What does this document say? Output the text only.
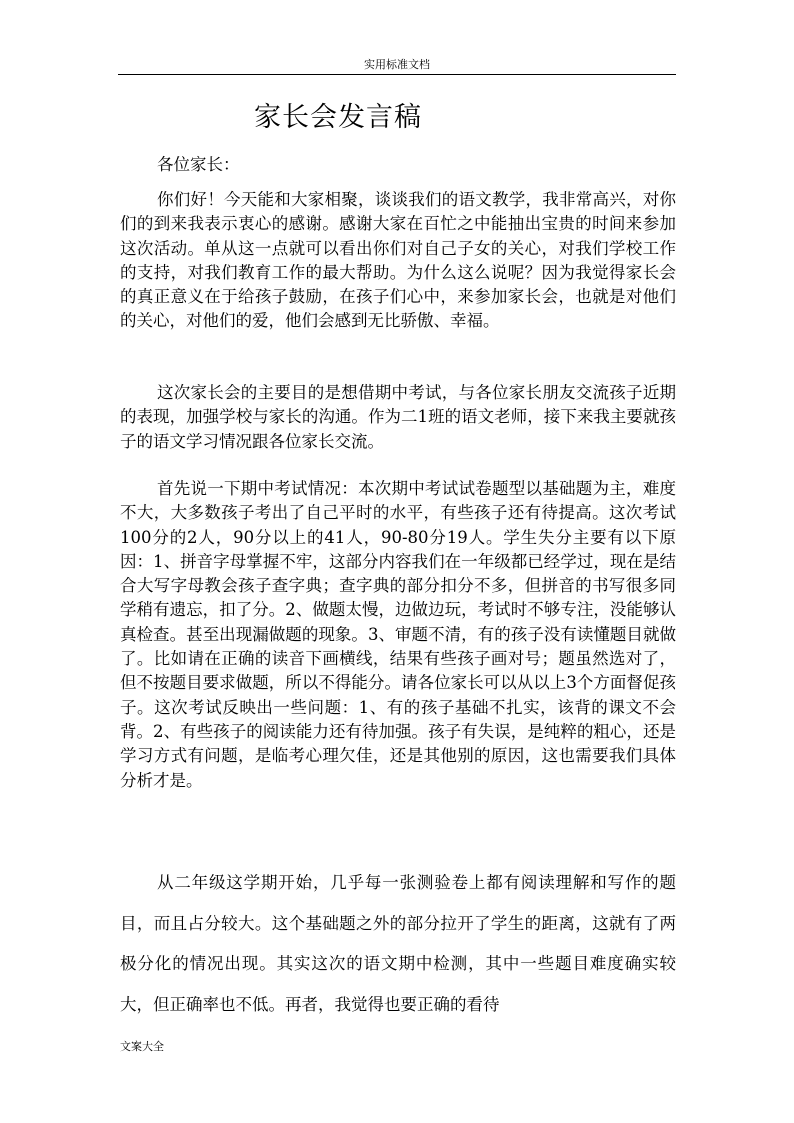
实用标准文档
家长会发言稿

各位家长：

你们好！今天能和大家相聚，谈谈我们的语文教学，我非常高兴，对你们的到来我表示衷心的感谢。感谢大家在百忙之中能抽出宝贵的时间来参加这次活动。单从这一点就可以看出你们对自己子女的关心，对我们学校工作的支持，对我们教育工作的最大帮助。为什么这么说呢？因为我觉得家长会的真正意义在于给孩子鼓励，在孩子们心中，来参加家长会，也就是对他们的关心，对他们的爱，他们会感到无比骄傲、幸福。

这次家长会的主要目的是想借期中考试，与各位家长朋友交流孩子近期的表现，加强学校与家长的沟通。作为二1班的语文老师，接下来我主要就孩子的语文学习情况跟各位家长交流。

首先说一下期中考试情况：本次期中考试试卷题型以基础题为主，难度不大，大多数孩子考出了自己平时的水平，有些孩子还有待提高。这次考试100分的2人，90分以上的41人，90-80分19人。学生失分主要有以下原因：1、拼音字母掌握不牢，这部分内容我们在一年级都已经学过，现在是结合大写字母教会孩子查字典；查字典的部分扣分不多，但拼音的书写很多同学稍有遗忘，扣了分。2、做题太慢，边做边玩，考试时不够专注，没能够认真检查。甚至出现漏做题的现象。3、审题不清，有的孩子没有读懂题目就做了。比如请在正确的读音下画横线，结果有些孩子画对号；题虽然选对了，但不按题目要求做题，所以不得能分。请各位家长可以从以上3个方面督促孩子。这次考试反映出一些问题：1、有的孩子基础不扎实，该背的课文不会背。2、有些孩子的阅读能力还有待加强。孩子有失误，是纯粹的粗心，还是学习方式有问题，是临考心理欠佳，还是其他别的原因，这也需要我们具体分析才是。

从二年级这学期开始，几乎每一张测验卷上都有阅读理解和写作的题目，而且占分较大。这个基础题之外的部分拉开了学生的距离，这就有了两极分化的情况出现。其实这次的语文期中检测，其中一些题目难度确实较大，但正确率也不低。再者，我觉得也要正确的看待

文案大全
